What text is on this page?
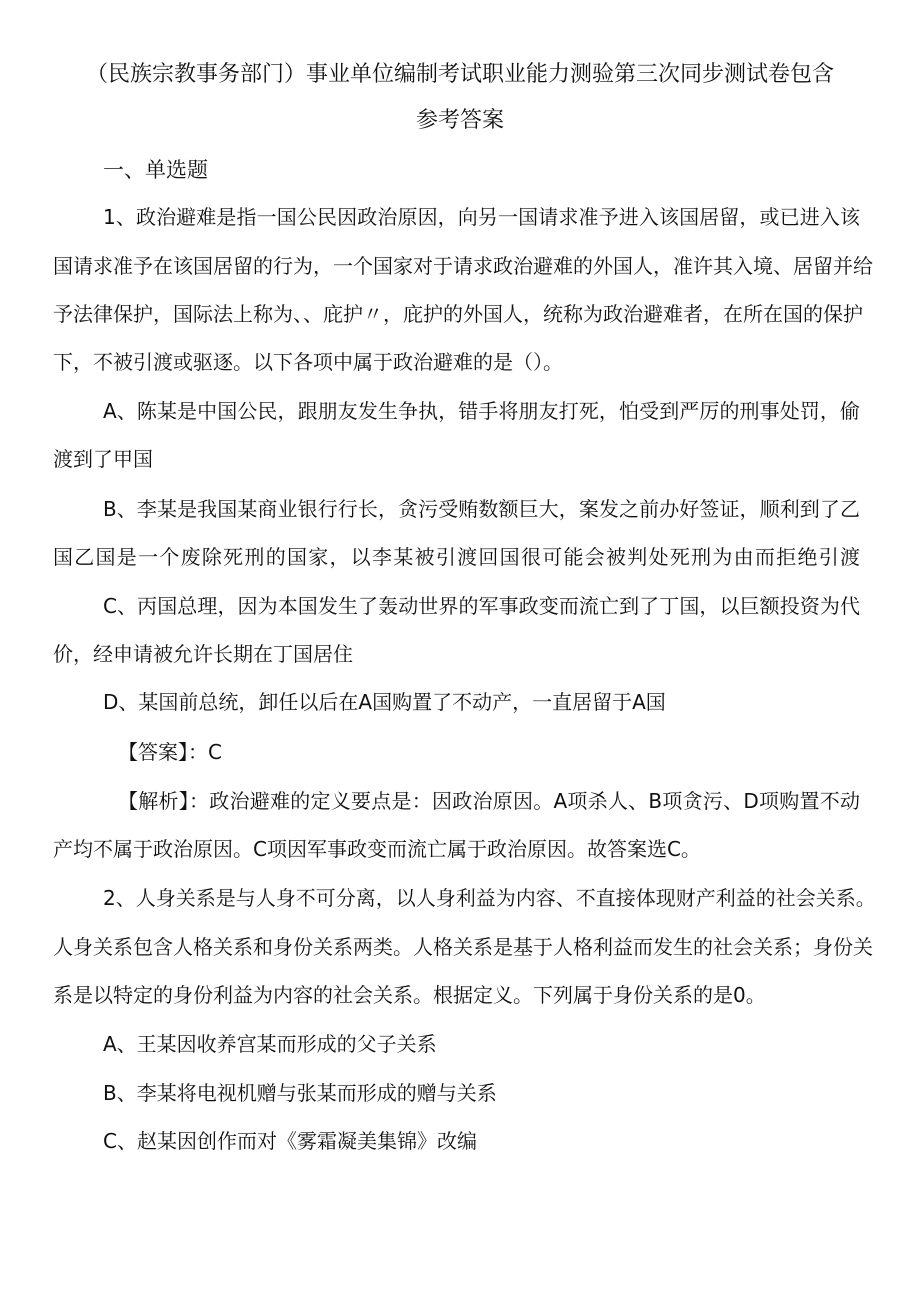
（民族宗教事务部门）事业单位编制考试职业能力测验第三次同步测试卷包含
参考答案
一、单选题
1、政治避难是指一国公民因政治原因，向另一国请求准予进入该国居留，或已进入该
国请求准予在该国居留的行为，一个国家对于请求政治避难的外国人，准许其入境、居留并给
予法律保护，国际法上称为、、庇护〃，庇护的外国人，统称为政治避难者，在所在国的保护
下，不被引渡或驱逐。以下各项中属于政治避难的是（）。
A、陈某是中国公民，跟朋友发生争执，错手将朋友打死，怕受到严厉的刑事处罚，偷
渡到了甲国
B、李某是我国某商业银行行长，贪污受贿数额巨大，案发之前办好签证，顺利到了乙
国乙国是一个废除死刑的国家，以李某被引渡回国很可能会被判处死刑为由而拒绝引渡
C、丙国总理，因为本国发生了轰动世界的军事政变而流亡到了丁国，以巨额投资为代
价，经申请被允许长期在丁国居住
D、某国前总统，卸任以后在A国购置了不动产，一直居留于A国
【答案】：C
【解析】：政治避难的定义要点是：因政治原因。A项杀人、B项贪污、D项购置不动
产均不属于政治原因。C项因军事政变而流亡属于政治原因。故答案选C。
2、人身关系是与人身不可分离，以人身利益为内容、不直接体现财产利益的社会关系。
人身关系包含人格关系和身份关系两类。人格关系是基于人格利益而发生的社会关系；身份关
系是以特定的身份利益为内容的社会关系。根据定义。下列属于身份关系的是0。
A、王某因收养宫某而形成的父子关系
B、李某将电视机赠与张某而形成的赠与关系
C、赵某因创作而对《雾霜凝美集锦》改编
